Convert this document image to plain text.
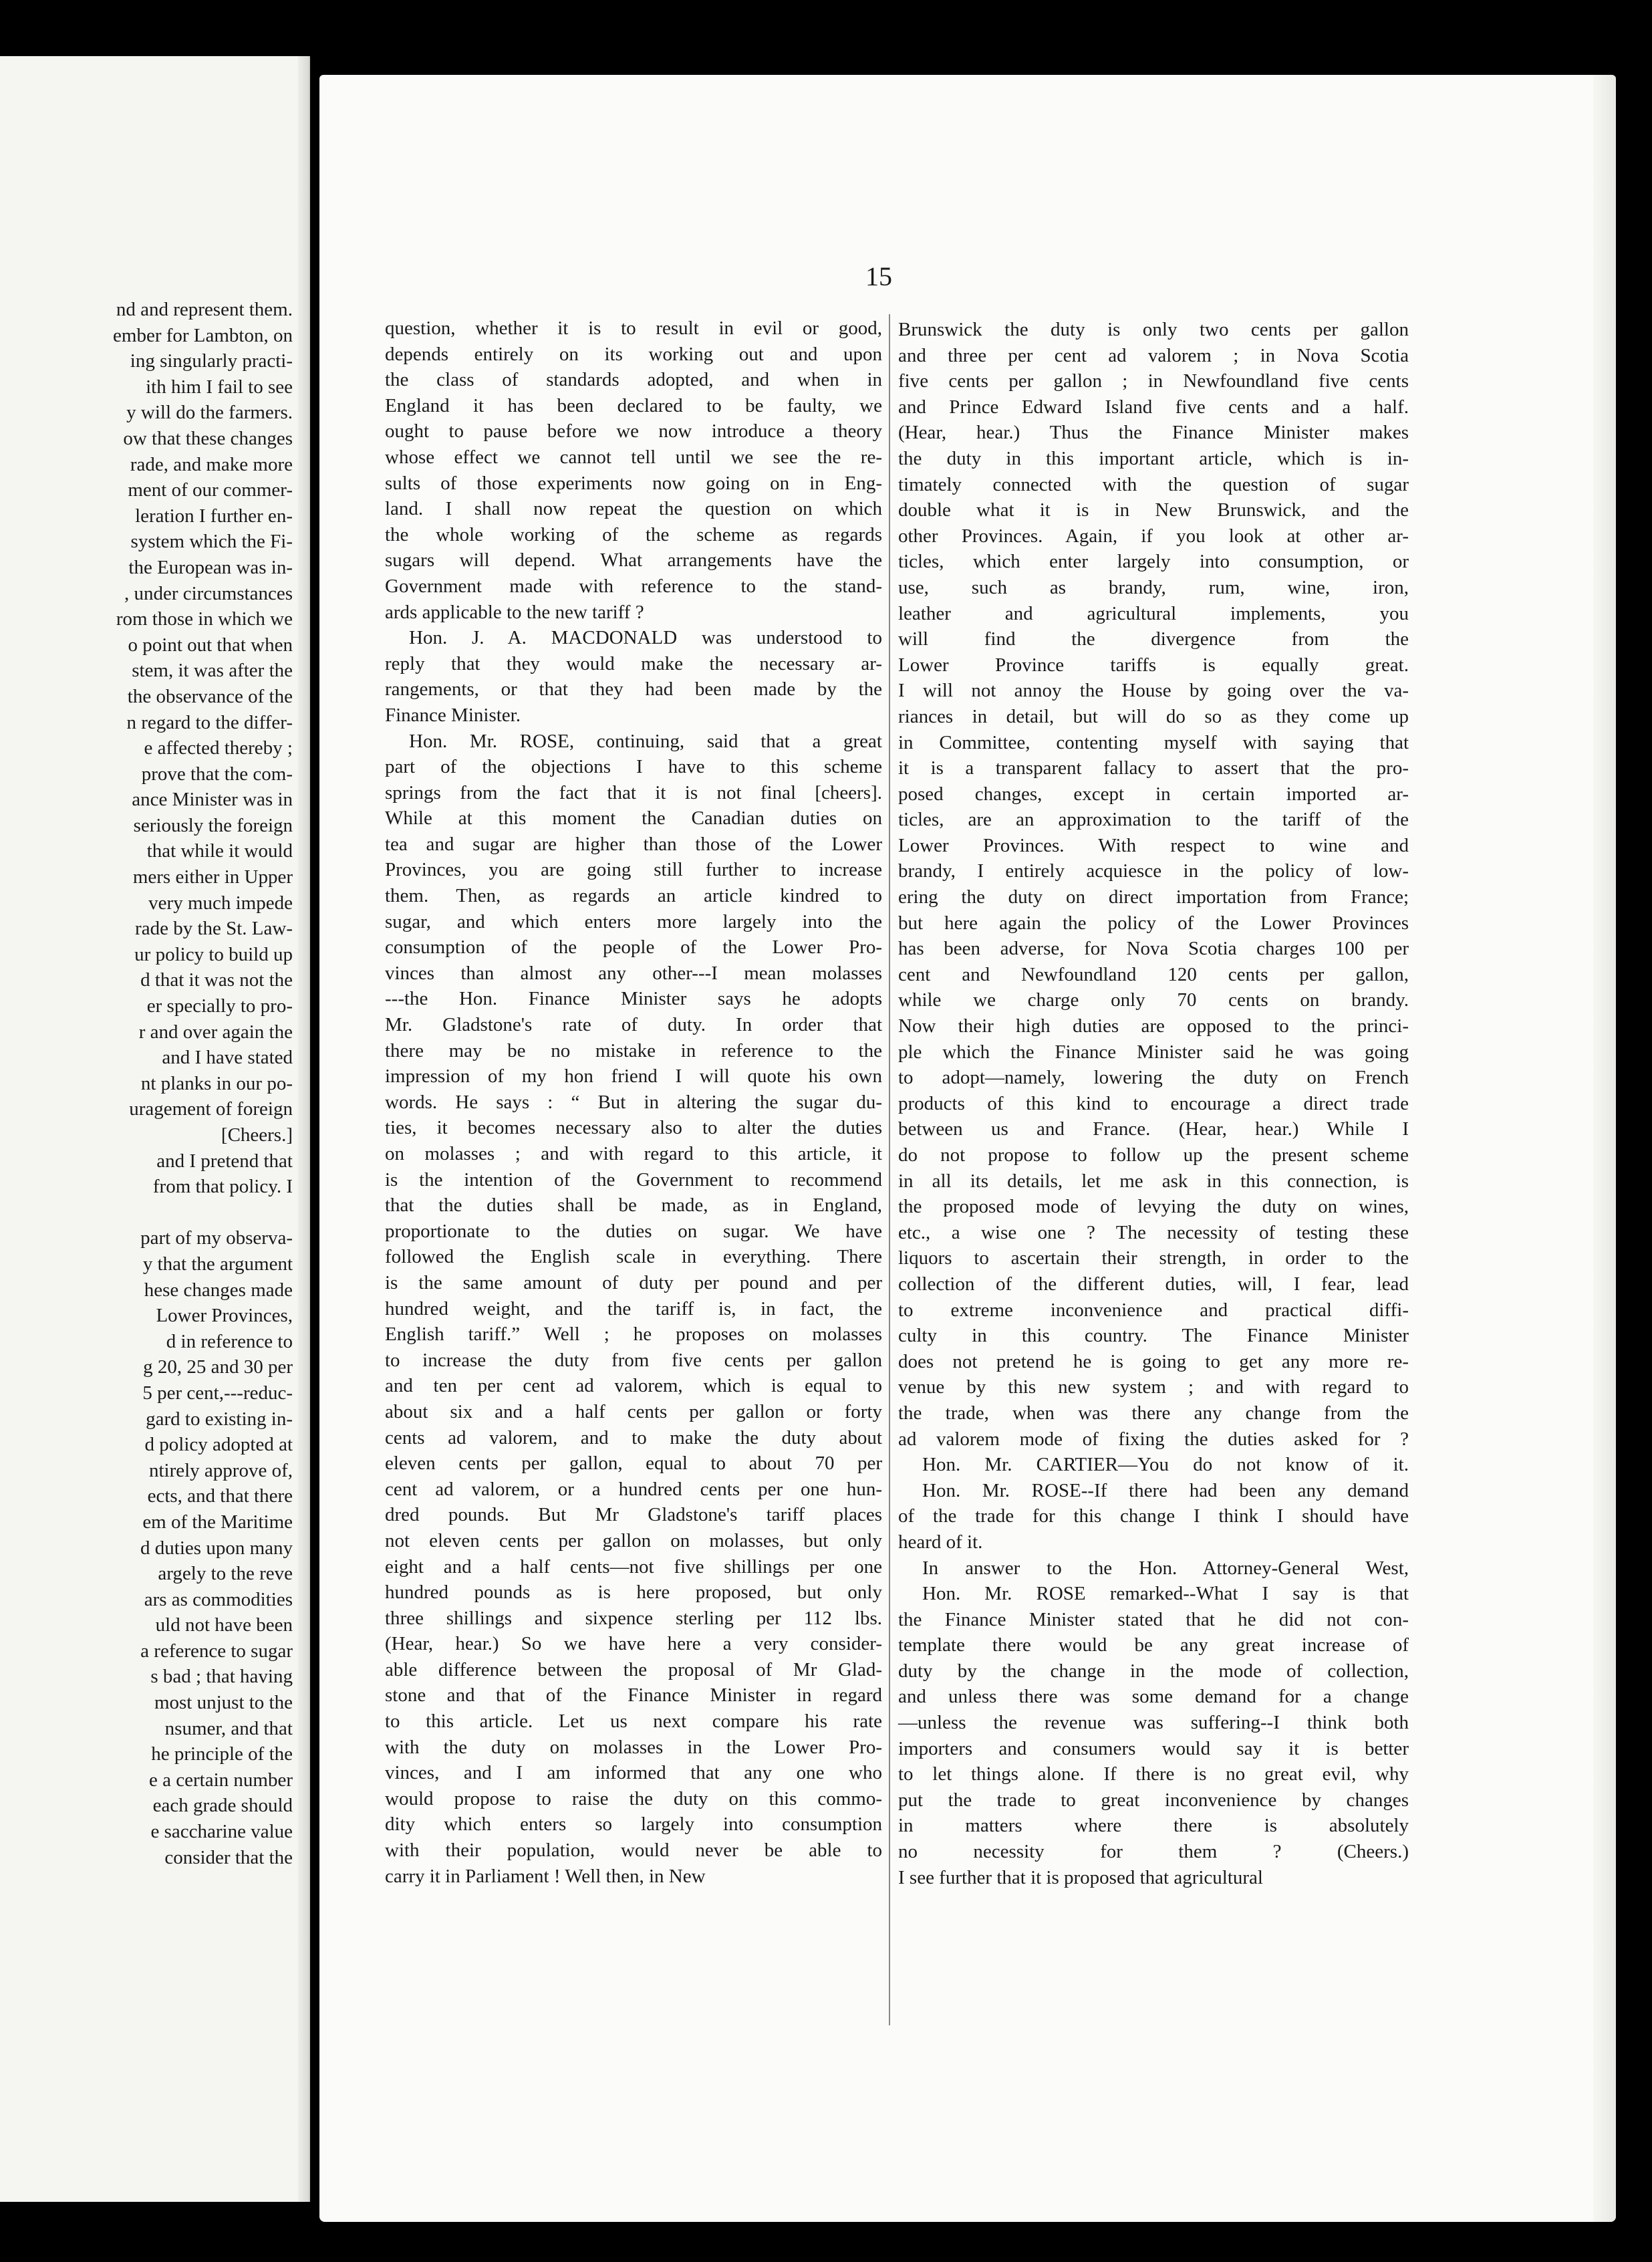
nd and represent them.
ember for Lambton, on
ing singularly practi-
ith him I fail to see
y will do the farmers.
ow that these changes
rade, and make more
ment of our commer-
leration I further en-
system which the Fi-
the European was in-
, under circumstances
rom those in which we
o point out that when
stem, it was after the
the observance of the
n regard to the differ-
e affected thereby ;
prove that the com-
ance Minister was in
seriously the foreign
that while it would
mers either in Upper
very much impede
rade by the St. Law-
ur policy to build up
d that it was not the
er specially to pro-
r and over again the
and I have stated
nt planks in our po-
uragement of foreign
[Cheers.]
and I pretend that
from that policy. I

part of my observa-
y that the argument
hese changes made
Lower Provinces,
d in reference to
g 20, 25 and 30 per
5 per cent,---reduc-
gard to existing in-
d policy adopted at
ntirely approve of,
ects, and that there
em of the Maritime
d duties upon many
argely to the reve
ars as commodities
uld not have been
a reference to sugar
s bad ; that having
most unjust to the
nsumer, and that
he principle of the
e a certain number
each grade should
e saccharine value
consider that the
15
question, whether it is to result in evil or good,
depends entirely on its working out and upon
the class of standards adopted, and when in
England it has been declared to be faulty, we
ought to pause before we now introduce a theory
whose effect we cannot tell until we see the re-
sults of those experiments now going on in Eng-
land. I shall now repeat the question on which
the whole working of the scheme as regards
sugars will depend. What arrangements have the
Government made with reference to the stand-
ards applicable to the new tariff ?
Hon. J. A. MACDONALD was understood to
reply that they would make the necessary ar-
rangements, or that they had been made by the
Finance Minister.
Hon. Mr. ROSE, continuing, said that a great
part of the objections I have to this scheme
springs from the fact that it is not final [cheers].
While at this moment the Canadian duties on
tea and sugar are higher than those of the Lower
Provinces, you are going still further to increase
them. Then, as regards an article kindred to
sugar, and which enters more largely into the
consumption of the people of the Lower Pro-
vinces than almost any other---I mean molasses
---the Hon. Finance Minister says he adopts
Mr. Gladstone's rate of duty. In order that
there may be no mistake in reference to the
impression of my hon friend I will quote his own
words. He says : “ But in altering the sugar du-
ties, it becomes necessary also to alter the duties
on molasses ; and with regard to this article, it
is the intention of the Government to recommend
that the duties shall be made, as in England,
proportionate to the duties on sugar. We have
followed the English scale in everything. There
is the same amount of duty per pound and per
hundred weight, and the tariff is, in fact, the
English tariff.” Well ; he proposes on molasses
to increase the duty from five cents per gallon
and ten per cent ad valorem, which is equal to
about six and a half cents per gallon or forty
cents ad valorem, and to make the duty about
eleven cents per gallon, equal to about 70 per
cent ad valorem, or a hundred cents per one hun-
dred pounds. But Mr Gladstone's tariff places
not eleven cents per gallon on molasses, but only
eight and a half cents—not five shillings per one
hundred pounds as is here proposed, but only
three shillings and sixpence sterling per 112 lbs.
(Hear, hear.) So we have here a very consider-
able difference between the proposal of Mr Glad-
stone and that of the Finance Minister in regard
to this article. Let us next compare his rate
with the duty on molasses in the Lower Pro-
vinces, and I am informed that any one who
would propose to raise the duty on this commo-
dity which enters so largely into consumption
with their population, would never be able to
carry it in Parliament ! Well then, in New
Brunswick the duty is only two cents per gallon
and three per cent ad valorem ; in Nova Scotia
five cents per gallon ; in Newfoundland five cents
and Prince Edward Island five cents and a half.
(Hear, hear.) Thus the Finance Minister makes
the duty in this important article, which is in-
timately connected with the question of sugar
double what it is in New Brunswick, and the
other Provinces. Again, if you look at other ar-
ticles, which enter largely into consumption, or
use, such as brandy, rum, wine, iron,
leather and agricultural implements, you
will find the divergence from the
Lower Province tariffs is equally great.
I will not annoy the House by going over the va-
riances in detail, but will do so as they come up
in Committee, contenting myself with saying that
it is a transparent fallacy to assert that the pro-
posed changes, except in certain imported ar-
ticles, are an approximation to the tariff of the
Lower Provinces. With respect to wine and
brandy, I entirely acquiesce in the policy of low-
ering the duty on direct importation from France;
but here again the policy of the Lower Provinces
has been adverse, for Nova Scotia charges 100 per
cent and Newfoundland 120 cents per gallon,
while we charge only 70 cents on brandy.
Now their high duties are opposed to the princi-
ple which the Finance Minister said he was going
to adopt—namely, lowering the duty on French
products of this kind to encourage a direct trade
between us and France. (Hear, hear.) While I
do not propose to follow up the present scheme
in all its details, let me ask in this connection, is
the proposed mode of levying the duty on wines,
etc., a wise one ? The necessity of testing these
liquors to ascertain their strength, in order to the
collection of the different duties, will, I fear, lead
to extreme inconvenience and practical diffi-
culty in this country. The Finance Minister
does not pretend he is going to get any more re-
venue by this new system ; and with regard to
the trade, when was there any change from the
ad valorem mode of fixing the duties asked for ?
Hon. Mr. CARTIER—You do not know of it.
Hon. Mr. ROSE--If there had been any demand
of the trade for this change I think I should have
heard of it.
In answer to the Hon. Attorney-General West,
Hon. Mr. ROSE remarked--What I say is that
the Finance Minister stated that he did not con-
template there would be any great increase of
duty by the change in the mode of collection,
and unless there was some demand for a change
—unless the revenue was suffering--I think both
importers and consumers would say it is better
to let things alone. If there is no great evil, why
put the trade to great inconvenience by changes
in matters where there is absolutely
no necessity for them ? (Cheers.)
I see further that it is proposed that agricultural
